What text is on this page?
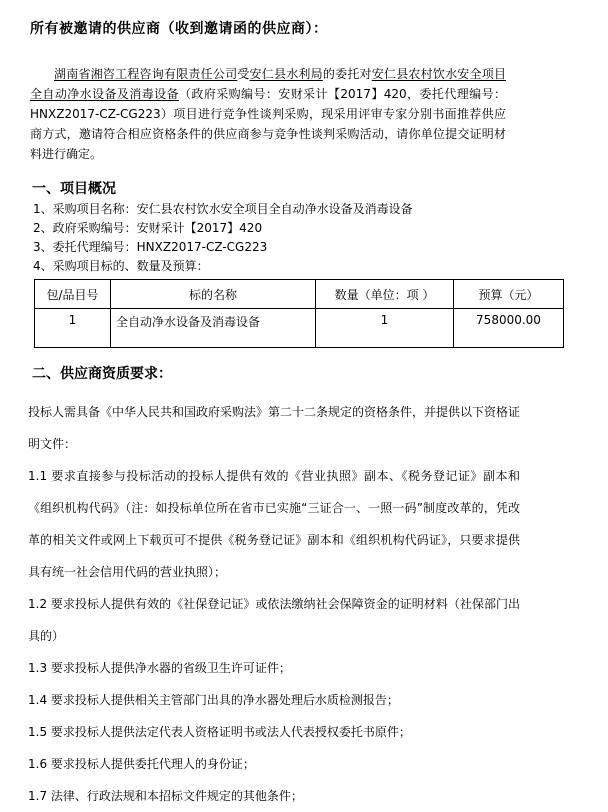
所有被邀请的供应商（收到邀请函的供应商）：

湖南省湘咨工程咨询有限责任公司受安仁县水利局的委托对安仁县农村饮水安全项目全自动净水设备及消毒设备（政府采购编号：安财采计【2017】420，委托代理编号：HNXZ2017-CZ-CG223）项目进行竞争性谈判采购，现采用评审专家分别书面推荐供应商方式，邀请符合相应资格条件的供应商参与竞争性谈判采购活动，请你单位提交证明材料进行确定。

一、项目概况

1、采购项目名称：安仁县农村饮水安全项目全自动净水设备及消毒设备

2、政府采购编号：安财采计【2017】420

3、委托代理编号：HNXZ2017-CZ-CG223

4、采购项目标的、数量及预算：

包/品目号	标的名称	数量（单位：项 ）	预算（元）
1	全自动净水设备及消毒设备	1	758000.00
二、供应商资质要求：

投标人需具备《中华人民共和国政府采购法》第二十二条规定的资格条件，并提供以下资格证明文件：

1.1 要求直接参与投标活动的投标人提供有效的《营业执照》副本、《税务登记证》副本和《组织机构代码》（注：如投标单位所在省市已实施“三证合一、一照一码”制度改革的，凭改革的相关文件或网上下载页可不提供《税务登记证》副本和《组织机构代码证》，只要求提供具有统一社会信用代码的营业执照）；

1.2 要求投标人提供有效的《社保登记证》或依法缴纳社会保障资金的证明材料（社保部门出具的）

1.3 要求投标人提供净水器的省级卫生许可证件；

1.4 要求投标人提供相关主管部门出具的净水器处理后水质检测报告；

1.5 要求投标人提供法定代表人资格证明书或法人代表授权委托书原件；

1.6 要求投标人提供委托代理人的身份证；

1.7 法律、行政法规和本招标文件规定的其他条件；
